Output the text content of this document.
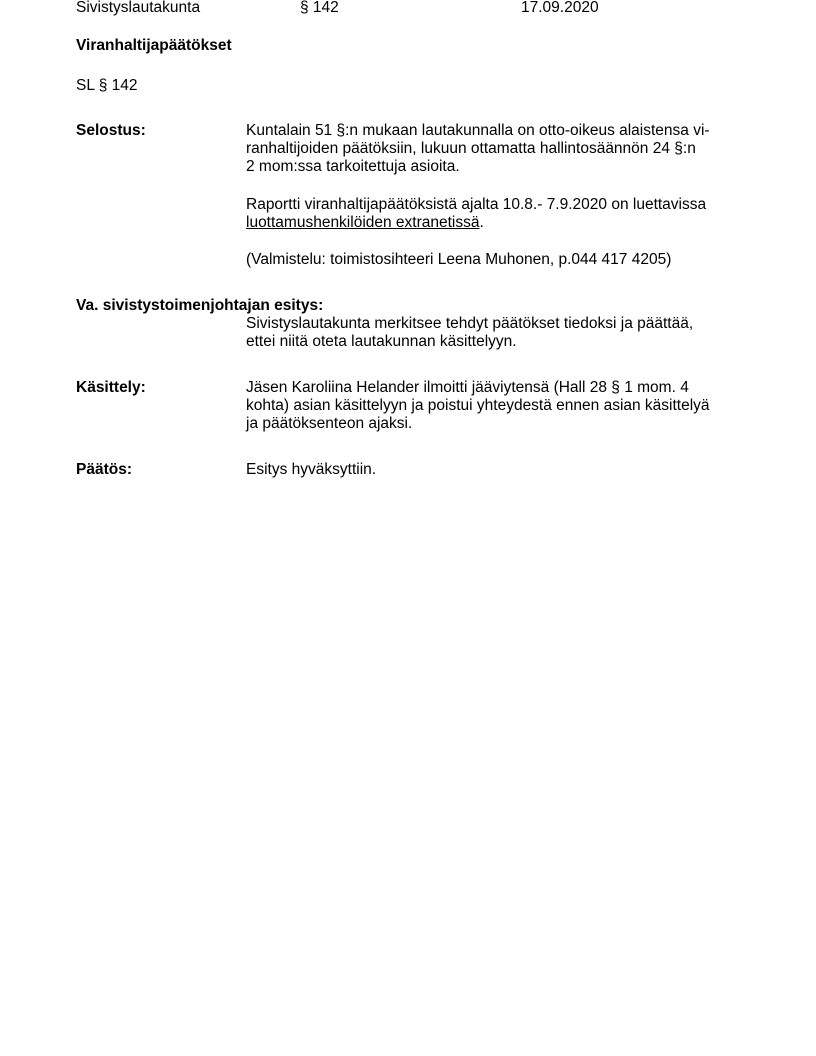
Sivistyslautakunta	§ 142	17.09.2020
Viranhaltijapäätökset
SL § 142
Selostus:	Kuntalain 51 §:n mukaan lautakunnalla on otto-oikeus alaistensa vi-
ranhaltijoiden päätöksiin, lukuun ottamatta hallintosäännön 24 §:n
2 mom:ssa tarkoitettuja asioita.
Raportti viranhaltijapäätöksistä ajalta 10.8.- 7.9.2020 on luettavissa
luottamushenkilöiden extranetissä.
(Valmistelu: toimistosihteeri Leena Muhonen, p.044 417 4205)
Va. sivistystoimenjohtajan esitys:
Sivistyslautakunta merkitsee tehdyt päätökset tiedoksi ja päättää,
ettei niitä oteta lautakunnan käsittelyyn.
Käsittely:	Jäsen Karoliina Helander ilmoitti jääviytensä (Hall 28 § 1 mom. 4
kohta) asian käsittelyyn ja poistui yhteydestä ennen asian käsittelyä
ja päätöksenteon ajaksi.
Päätös:	Esitys hyväksyttiin.
